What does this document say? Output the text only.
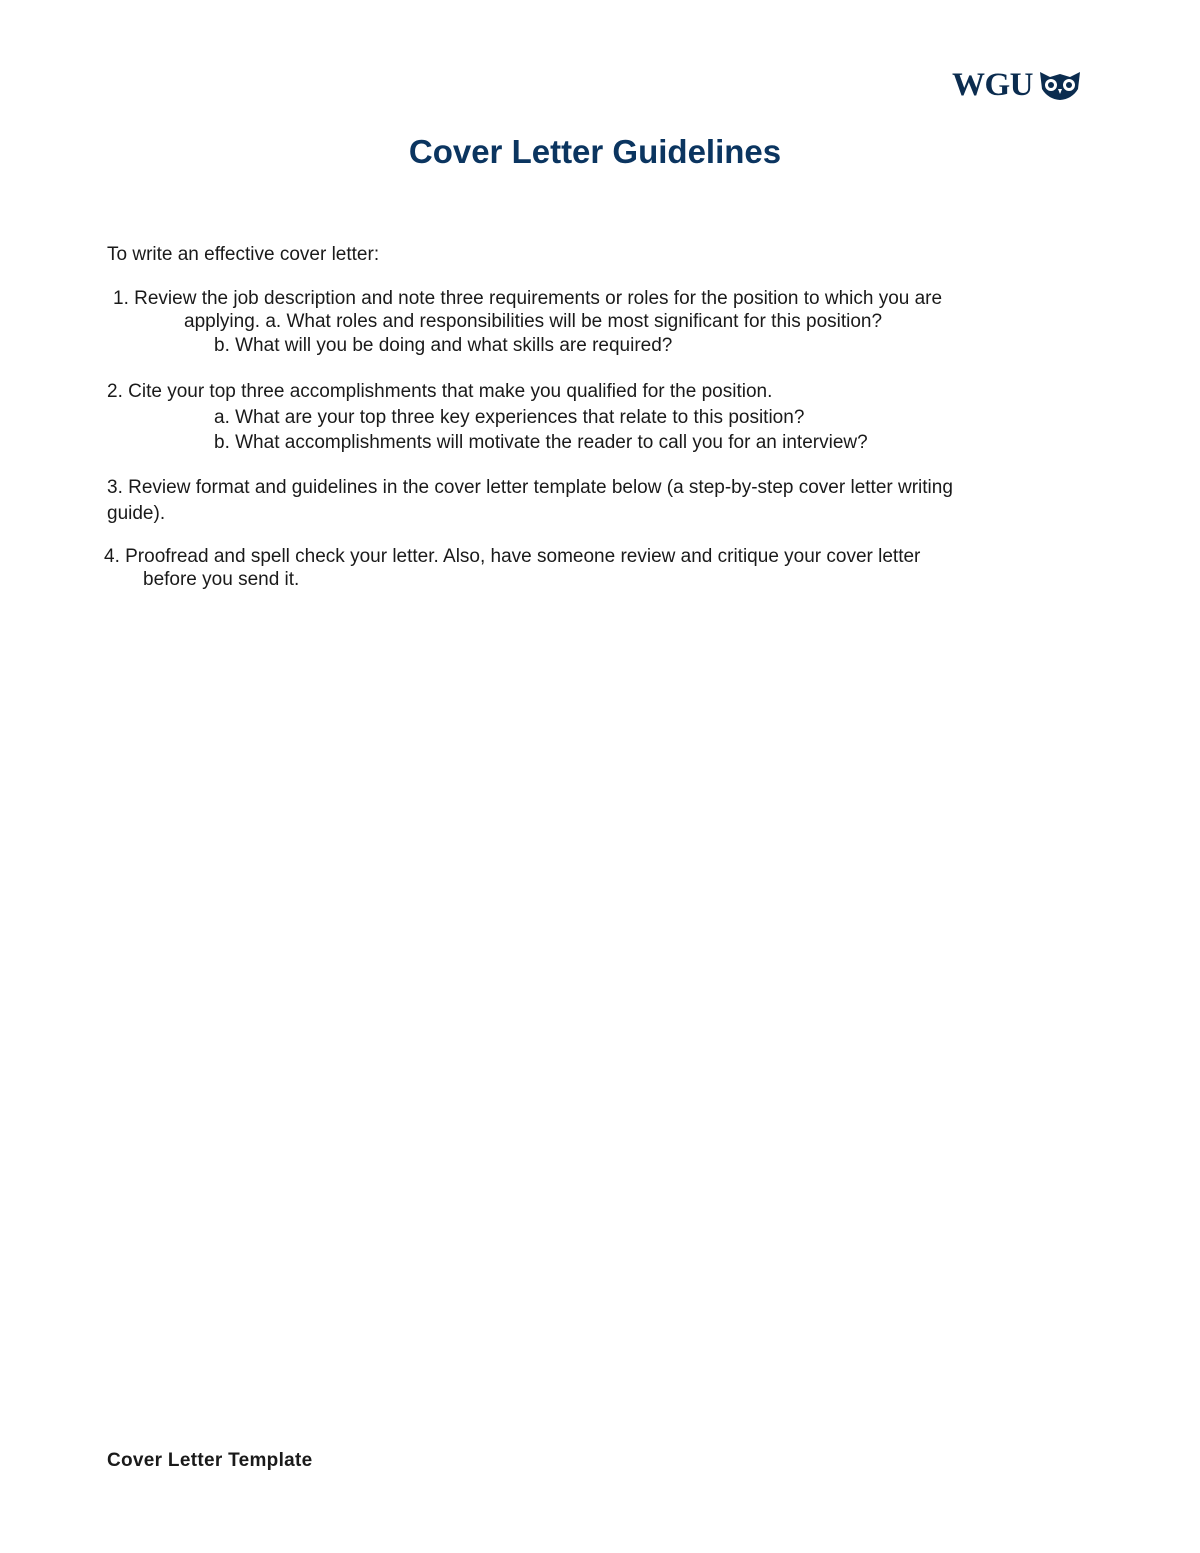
WGU
Cover Letter Guidelines

To write an effective cover letter:

1. Review the job description and note three requirements or roles for the position to which you are

applying. a. What roles and responsibilities will be most significant for this position?

b. What will you be doing and what skills are required?

2. Cite your top three accomplishments that make you qualified for the position.

a. What are your top three key experiences that relate to this position?

b. What accomplishments will motivate the reader to call you for an interview?

3. Review format and guidelines in the cover letter template below (a step-by-step cover letter writing

guide).

4. Proofread and spell check your letter. Also, have someone review and critique your cover letter

before you send it.

Cover Letter Template
